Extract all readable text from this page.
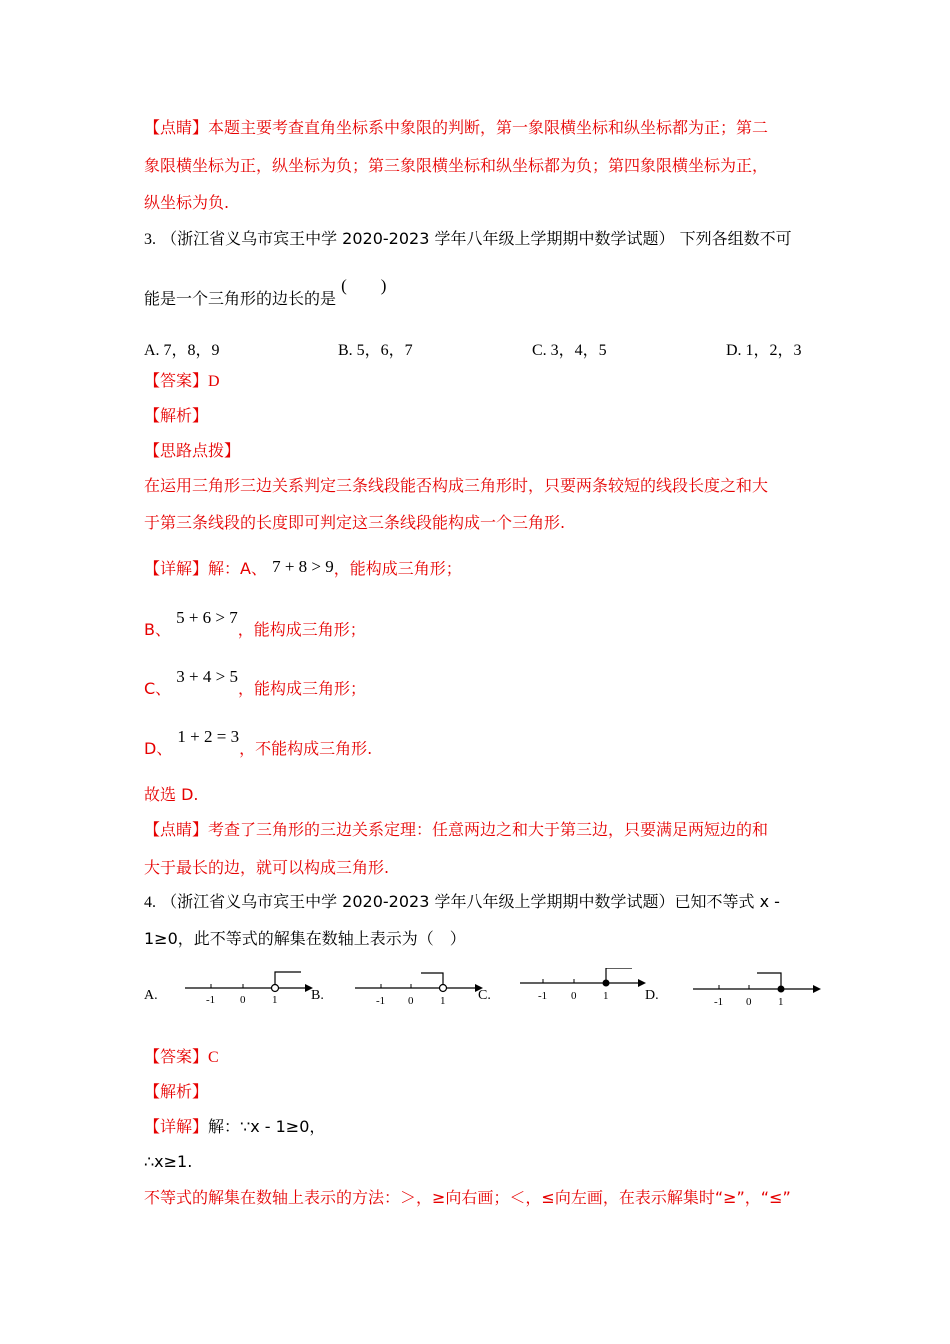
【点睛】本题主要考查直角坐标系中象限的判断，第一象限横坐标和纵坐标都为正；第二
象限横坐标为正，纵坐标为负；第三象限横坐标和纵坐标都为负；第四象限横坐标为正，
纵坐标为负.
3. （浙江省义乌市宾王中学 2020-2023 学年八年级上学期期中数学试题） 下列各组数不可
能是一个三角形的边长的是 (　　)
A. 7，8，9	B. 5，6，7	C. 3，4，5	D. 1，2，3
【答案】D
【解析】
【思路点拨】
在运用三角形三边关系判定三条线段能否构成三角形时，只要两条较短的线段长度之和大
于第三条线段的长度即可判定这三条线段能构成一个三角形.
【详解】解：A、 7 + 8 > 9，能构成三角形；
B、 5 + 6 > 7，能构成三角形；
C、 3 + 4 > 5，能构成三角形；
D、 1 + 2 = 3，不能构成三角形.
故选 D.
【点睛】考查了三角形的三边关系定理：任意两边之和大于第三边，只要满足两短边的和
大于最长的边，就可以构成三角形.
4. （浙江省义乌市宾王中学 2020-2023 学年八年级上学期期中数学试题）已知不等式 x -
1≥0，此不等式的解集在数轴上表示为（　）
A.	-1 0 1 B.	-1 0 1 C.	-1 0 1	D.	-1 0 1
【答案】C
【解析】
【详解】解：∵x - 1≥0，
∴x≥1.
不等式的解集在数轴上表示的方法：＞，≥向右画；＜，≤向左画，在表示解集时“≥”，“≤”
